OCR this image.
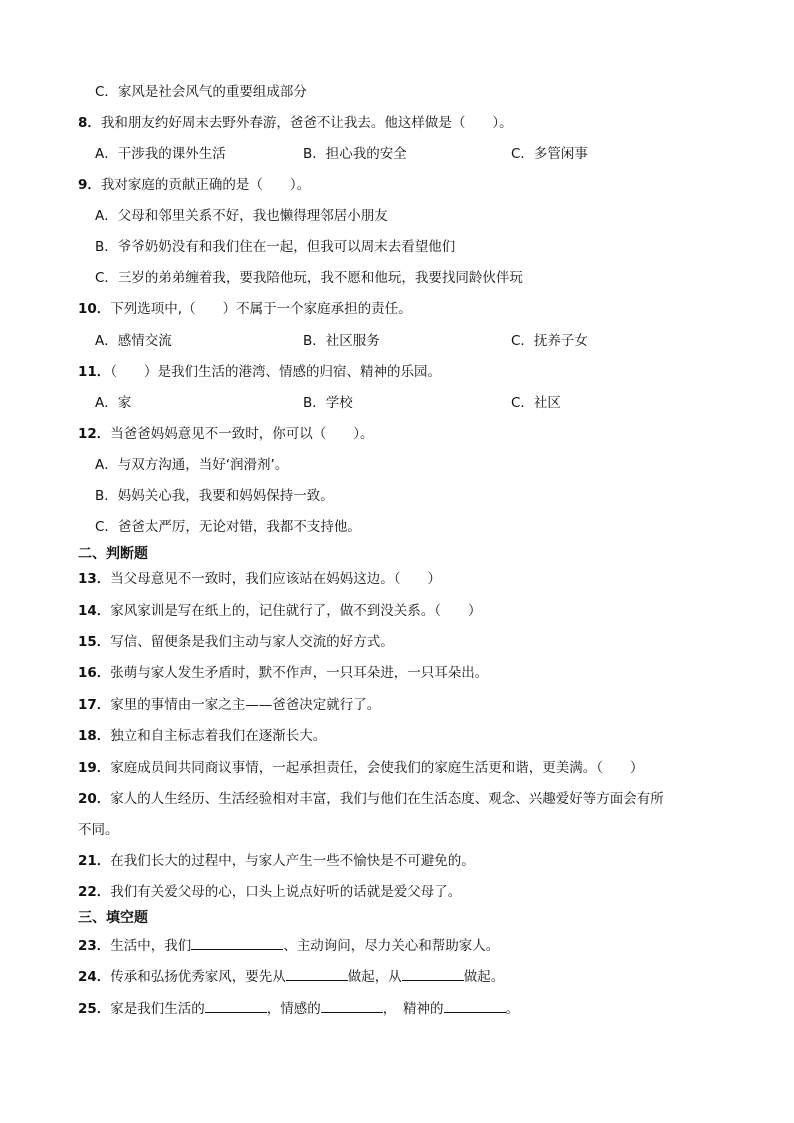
C．家风是社会风气的重要组成部分
8．我和朋友约好周末去野外春游，爸爸不让我去。他这样做是（　　）。
A．干涉我的课外生活	B．担心我的安全	C．多管闲事
9．我对家庭的贡献正确的是（　　）。
A．父母和邻里关系不好，我也懒得理邻居小朋友
B．爷爷奶奶没有和我们住在一起，但我可以周末去看望他们
C．三岁的弟弟缠着我，要我陪他玩，我不愿和他玩，我要找同龄伙伴玩
10．下列选项中,（　　）不属于一个家庭承担的责任。
A．感情交流	B．社区服务	C．抚养子女
11．（　　）是我们生活的港湾、情感的归宿、精神的乐园。
A．家	B．学校	C．社区
12．当爸爸妈妈意见不一致时，你可以（　　）。
A．与双方沟通，当好‘润滑剂’。
B．妈妈关心我，我要和妈妈保持一致。
C．爸爸太严厉，无论对错，我都不支持他。
二、判断题
13．当父母意见不一致时，我们应该站在妈妈这边。（　　）
14．家风家训是写在纸上的，记住就行了，做不到没关系。（　　）
15．写信、留便条是我们主动与家人交流的好方式。
16．张萌与家人发生矛盾时，默不作声，一只耳朵进，一只耳朵出。
17．家里的事情由一家之主——爸爸决定就行了。
18．独立和自主标志着我们在逐渐长大。
19．家庭成员间共同商议事情，一起承担责任，会使我们的家庭生活更和谐，更美满。（　　）
20．家人的人生经历、生活经验相对丰富，我们与他们在生活态度、观念、兴趣爱好等方面会有所
不同。
21．在我们长大的过程中，与家人产生一些不愉快是不可避免的。
22．我们有关爱父母的心，口头上说点好听的话就是爱父母了。
三、填空题
23．生活中，我们	、主动询问，尽力关心和帮助家人。
24．传承和弘扬优秀家风，要先从	做起，从	做起。
25．家是我们生活的	，情感的	，　精神的	。
